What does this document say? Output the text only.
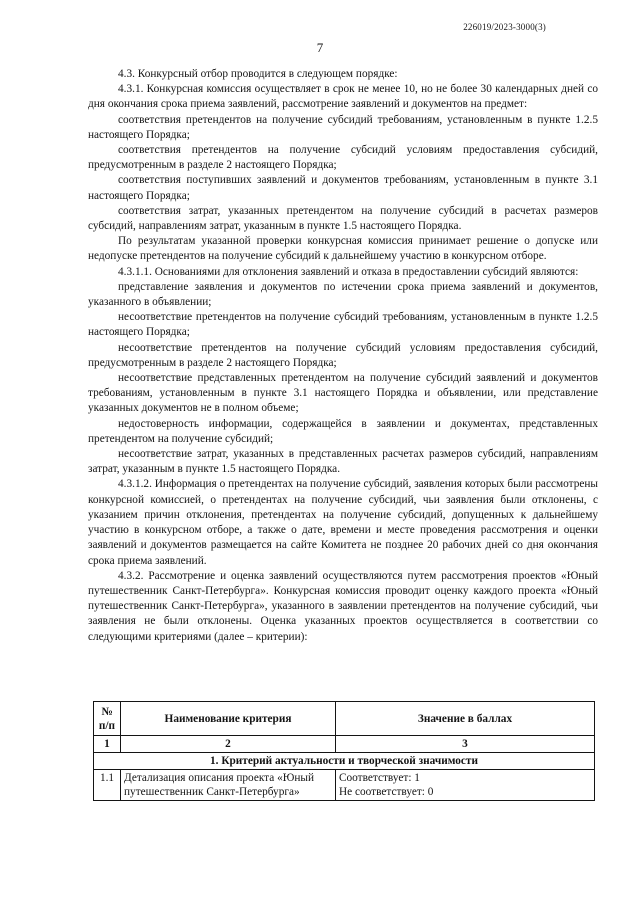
226019/2023-3000(3)
7

4.3. Конкурсный отбор проводится в следующем порядке:

4.3.1. Конкурсная комиссия осуществляет в срок не менее 10, но не более 30 календарных дней со дня окончания срока приема заявлений, рассмотрение заявлений и документов на предмет:

соответствия претендентов на получение субсидий требованиям, установленным в пункте 1.2.5 настоящего Порядка;

соответствия претендентов на получение субсидий условиям предоставления субсидий, предусмотренным в разделе 2 настоящего Порядка;

соответствия поступивших заявлений и документов требованиям, установленным в пункте 3.1 настоящего Порядка;

соответствия затрат, указанных претендентом на получение субсидий в расчетах размеров субсидий, направлениям затрат, указанным в пункте 1.5 настоящего Порядка.

По результатам указанной проверки конкурсная комиссия принимает решение о допуске или недопуске претендентов на получение субсидий к дальнейшему участию в конкурсном отборе.

4.3.1.1. Основаниями для отклонения заявлений и отказа в предоставлении субсидий являются:

представление заявления и документов по истечении срока приема заявлений и документов, указанного в объявлении;

несоответствие претендентов на получение субсидий требованиям, установленным в пункте 1.2.5 настоящего Порядка;

несоответствие претендентов на получение субсидий условиям предоставления субсидий, предусмотренным в разделе 2 настоящего Порядка;

несоответствие представленных претендентом на получение субсидий заявлений и документов требованиям, установленным в пункте 3.1 настоящего Порядка и объявлении, или представление указанных документов не в полном объеме;

недостоверность информации, содержащейся в заявлении и документах, представленных претендентом на получение субсидий;

несоответствие затрат, указанных в представленных расчетах размеров субсидий, направлениям затрат, указанным в пункте 1.5 настоящего Порядка.

4.3.1.2. Информация о претендентах на получение субсидий, заявления которых были рассмотрены конкурсной комиссией, о претендентах на получение субсидий, чьи заявления были отклонены, с указанием причин отклонения, претендентах на получение субсидий, допущенных к дальнейшему участию в конкурсном отборе, а также о дате, времени и месте проведения рассмотрения и оценки заявлений и документов размещается на сайте Комитета не позднее 20 рабочих дней со дня окончания срока приема заявлений.

4.3.2. Рассмотрение и оценка заявлений осуществляются путем рассмотрения проектов «Юный путешественник Санкт-Петербурга». Конкурсная комиссия проводит оценку каждого проекта «Юный путешественник Санкт-Петербурга», указанного в заявлении претендентов на получение субсидий, чьи заявления не были отклонены. Оценка указанных проектов осуществляется в соответствии со следующими критериями (далее – критерии):

№ п/п	Наименование критерия	Значение в баллах
1	2	3
1. Критерий актуальности и творческой значимости		
1.1	Детализация описания проекта «Юный путешественник Санкт-Петербурга»	Соответствует: 1
Не соответствует: 0
